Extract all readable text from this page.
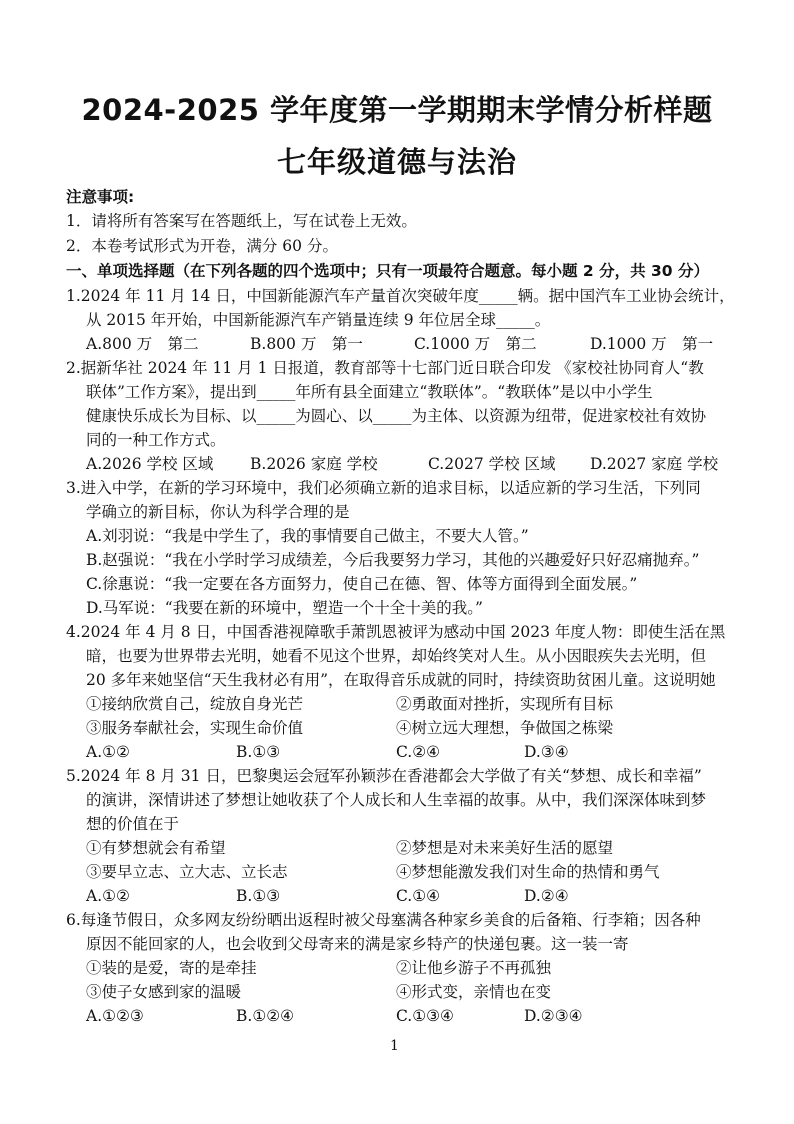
2024-2025 学年度第一学期期末学情分析样题
七年级道德与法治
注意事项:
1．请将所有答案写在答题纸上，写在试卷上无效。
2．本卷考试形式为开卷，满分 60 分。
一、单项选择题（在下列各题的四个选项中；只有一项最符合题意。每小题 2 分，共 30 分）
1.2024 年 11 月 14 日，中国新能源汽车产量首次突破年度_____辆。据中国汽车工业协会统计，
从 2015 年开始，中国新能源汽车产销量连续 9 年位居全球_____。
A.800 万　第二	B.800 万　第一	C.1000 万　第二	D.1000 万　第一
2.据新华社 2024 年 11 月 1 日报道，教育部等十七部门近日联合印发 《家校社协同育人“教
联体”工作方案》，提出到_____年所有县全面建立“教联体”。“教联体”是以中小学生
健康快乐成长为目标、以_____为圆心、以_____为主体、以资源为纽带，促进家校社有效协
同的一种工作方式。
A.2026 学校 区域 B.2026 家庭 学校	C.2027 学校 区域 D.2027 家庭 学校
3.进入中学，在新的学习环境中，我们必须确立新的追求目标，以适应新的学习生活，下列同
学确立的新目标，你认为科学合理的是
A.刘羽说：“我是中学生了，我的事情要自己做主，不要大人管。”
B.赵强说：“我在小学时学习成绩差，今后我要努力学习，其他的兴趣爱好只好忍痛抛弃。”
C.徐惠说：“我一定要在各方面努力，使自己在德、智、体等方面得到全面发展。”
D.马军说：“我要在新的环境中，塑造一个十全十美的我。”
4.2024 年 4 月 8 日，中国香港视障歌手萧凯恩被评为感动中国 2023 年度人物：即使生活在黑
暗，也要为世界带去光明，她看不见这个世界，却始终笑对人生。从小因眼疾失去光明，但
20 多年来她坚信“天生我材必有用”，在取得音乐成就的同时，持续资助贫困儿童。这说明她
①接纳欣赏自己，绽放自身光芒	②勇敢面对挫折，实现所有目标
③服务奉献社会，实现生命价值	④树立远大理想，争做国之栋梁
A.①②	B.①③	C.②④	D.③④
5.2024 年 8 月 31 日，巴黎奥运会冠军孙颖莎在香港都会大学做了有关“梦想、成长和幸福”
的演讲，深情讲述了梦想让她收获了个人成长和人生幸福的故事。从中，我们深深体味到梦
想的价值在于
①有梦想就会有希望	②梦想是对未来美好生活的愿望
③要早立志、立大志、立长志	④梦想能激发我们对生命的热情和勇气
A.①②	B.①③	C.①④	D.②④
6.每逢节假日，众多网友纷纷晒出返程时被父母塞满各种家乡美食的后备箱、行李箱；因各种
原因不能回家的人，也会收到父母寄来的满是家乡特产的快递包裹。这一装一寄
①装的是爱，寄的是牵挂	②让他乡游子不再孤独
③使子女感到家的温暖	④形式变，亲情也在变
A.①②③	B.①②④	C.①③④	D.②③④
1
